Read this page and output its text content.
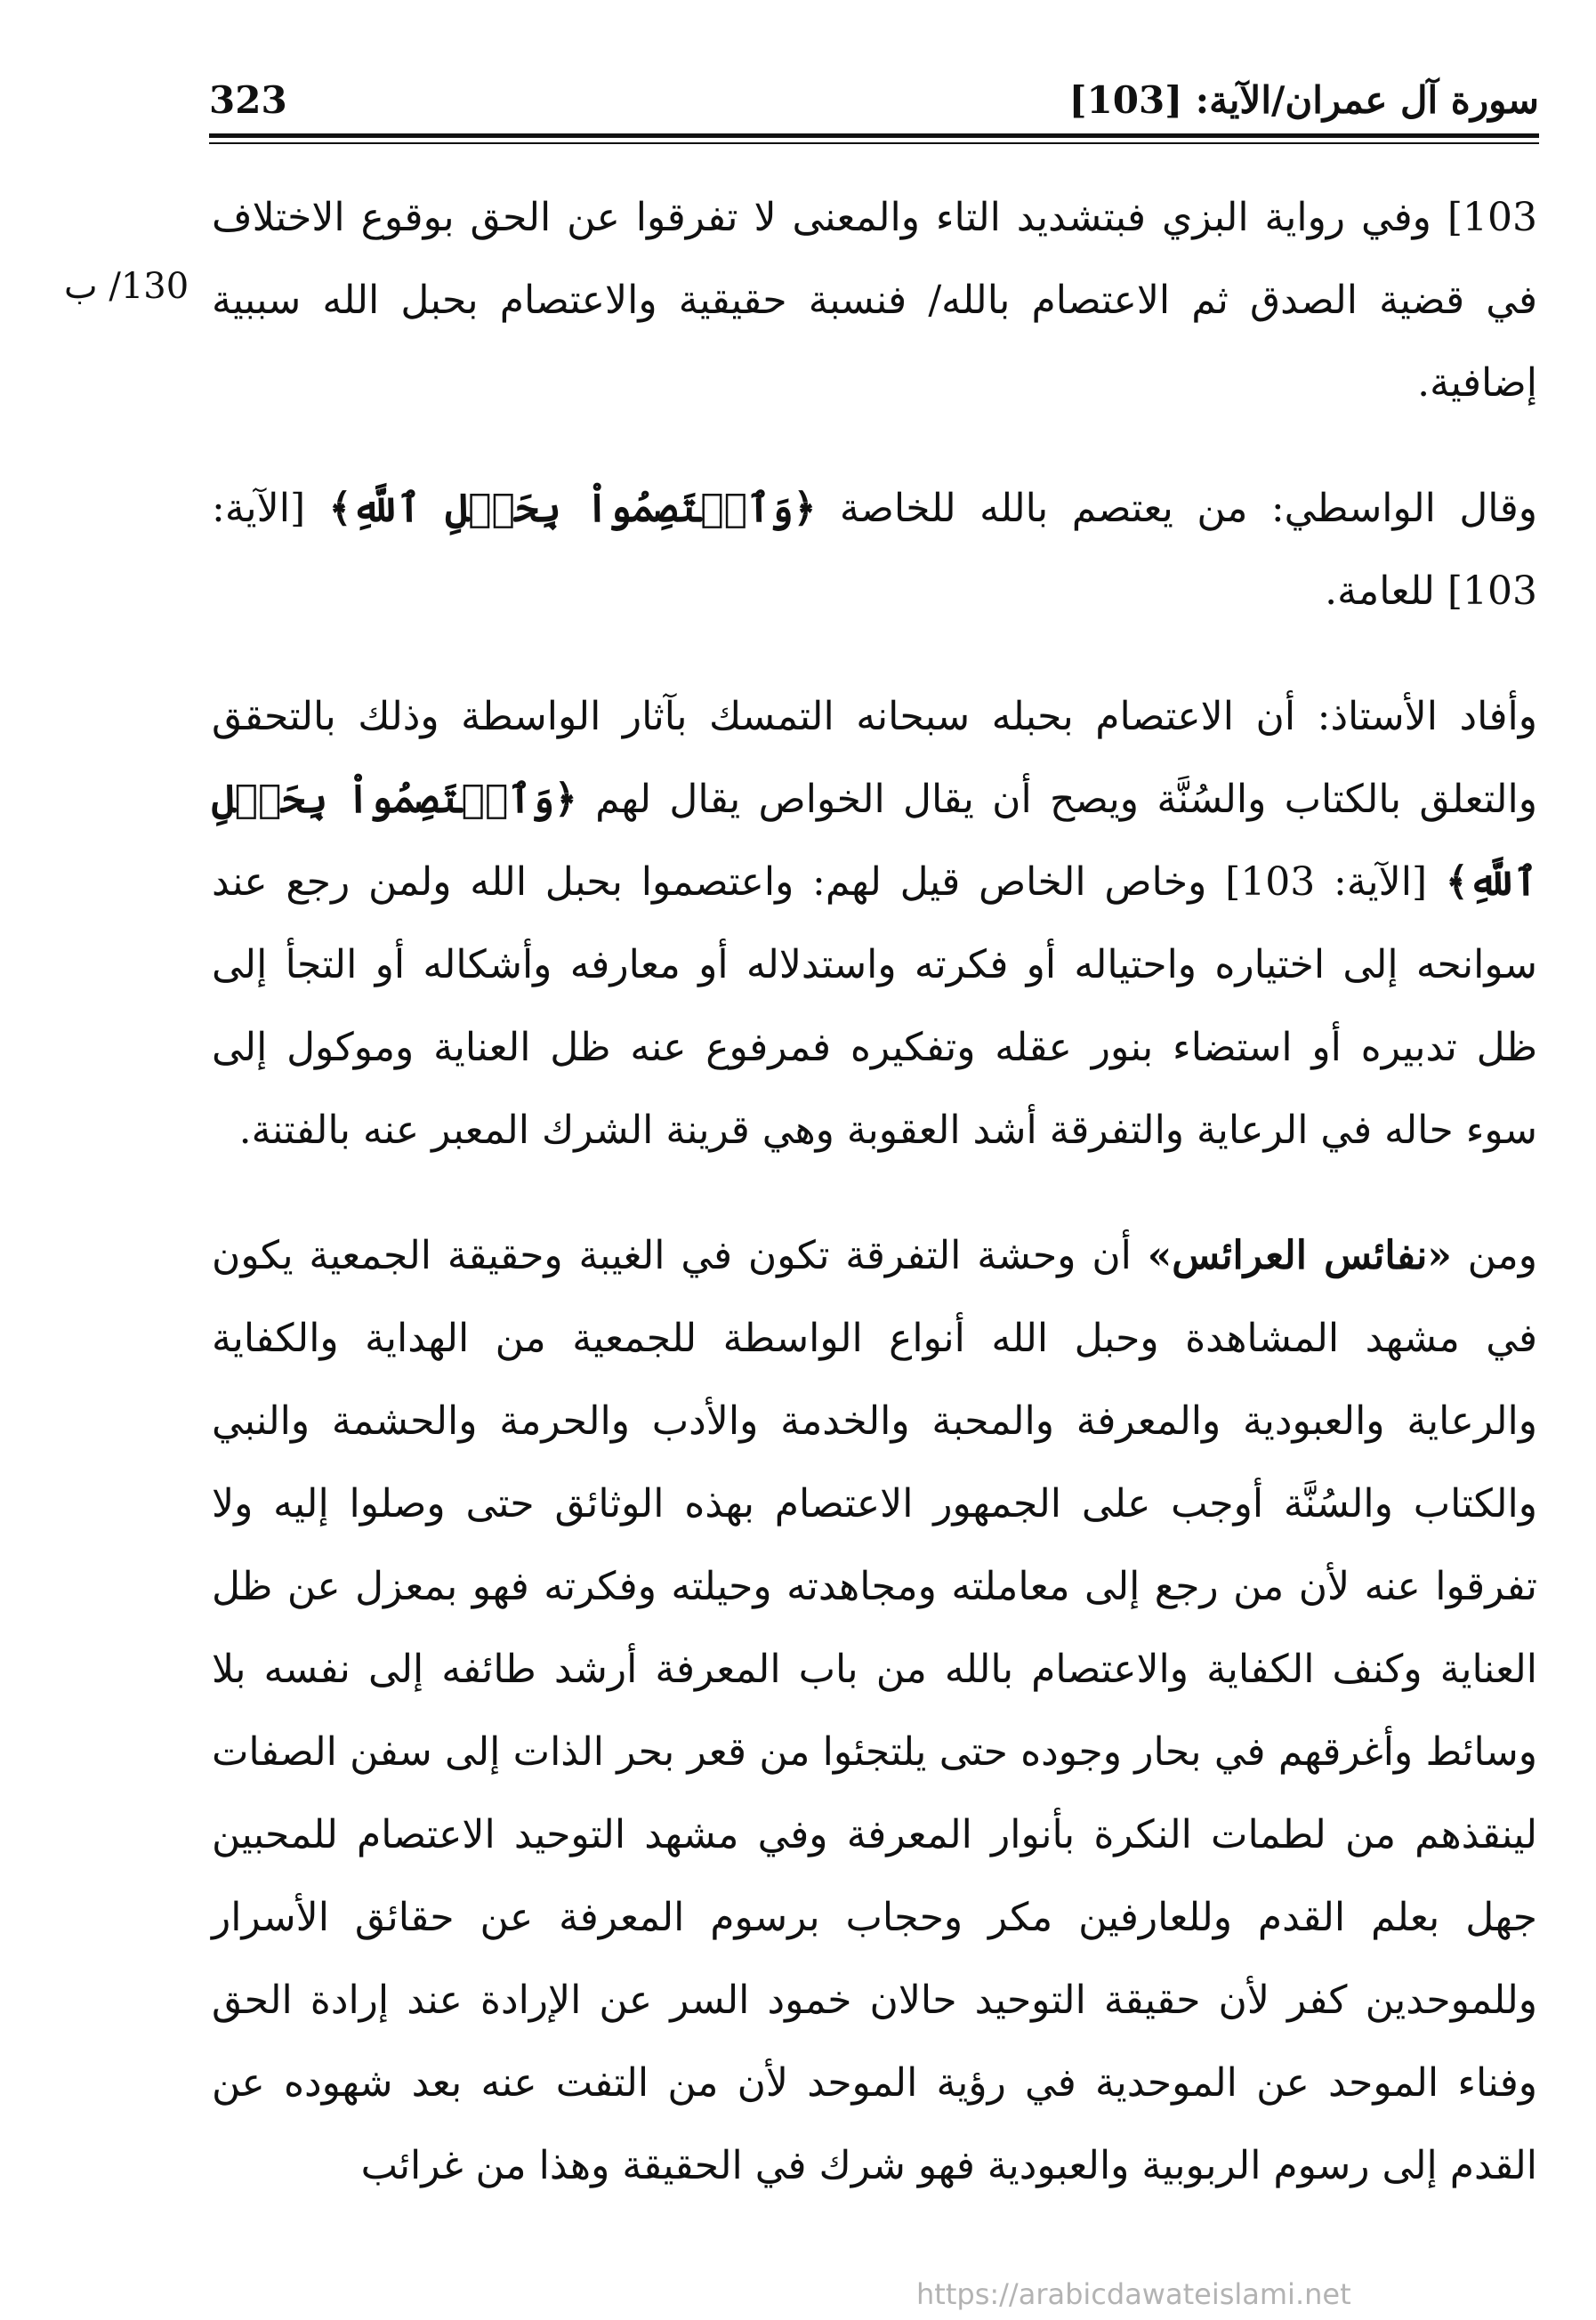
سورة آل عمران/الآية: [103]
323
130/ ب

103] وفي رواية البزي فبتشديد التاء والمعنى لا تفرقوا عن الحق بوقوع الاختلاف في قضية الصدق ثم الاعتصام بالله/ فنسبة حقيقية والاعتصام بحبل الله سببية إضافية.

وقال الواسطي: من يعتصم بالله للخاصة ﴿وَٱعۡتَصِمُواْ بِحَبۡلِ ٱللَّهِ﴾ [الآية: 103] للعامة.

وأفاد الأستاذ: أن الاعتصام بحبله سبحانه التمسك بآثار الواسطة وذلك بالتحقق والتعلق بالكتاب والسُنَّة ويصح أن يقال الخواص يقال لهم ﴿وَٱعۡتَصِمُواْ بِحَبۡلِ ٱللَّهِ﴾ [الآية: 103] وخاص الخاص قيل لهم: واعتصموا بحبل الله ولمن رجع عند سوانحه إلى اختياره واحتياله أو فكرته واستدلاله أو معارفه وأشكاله أو التجأ إلى ظل تدبيره أو استضاء بنور عقله وتفكيره فمرفوع عنه ظل العناية وموكول إلى سوء حاله في الرعاية والتفرقة أشد العقوبة وهي قرينة الشرك المعبر عنه بالفتنة.

ومن «نفائس العرائس» أن وحشة التفرقة تكون في الغيبة وحقيقة الجمعية يكون في مشهد المشاهدة وحبل الله أنواع الواسطة للجمعية من الهداية والكفاية والرعاية والعبودية والمعرفة والمحبة والخدمة والأدب والحرمة والحشمة والنبي والكتاب والسُنَّة أوجب على الجمهور الاعتصام بهذه الوثائق حتى وصلوا إليه ولا تفرقوا عنه لأن من رجع إلى معاملته ومجاهدته وحيلته وفكرته فهو بمعزل عن ظل العناية وكنف الكفاية والاعتصام بالله من باب المعرفة أرشد طائفه إلى نفسه بلا وسائط وأغرقهم في بحار وجوده حتى يلتجئوا من قعر بحر الذات إلى سفن الصفات لينقذهم من لطمات النكرة بأنوار المعرفة وفي مشهد التوحيد الاعتصام للمحبين جهل بعلم القدم وللعارفين مكر وحجاب برسوم المعرفة عن حقائق الأسرار وللموحدين كفر لأن حقيقة التوحيد حالان خمود السر عن الإرادة عند إرادة الحق وفناء الموحد عن الموحدية في رؤية الموحد لأن من التفت عنه بعد شهوده عن القدم إلى رسوم الربوبية والعبودية فهو شرك في الحقيقة وهذا من غرائب

https://arabicdawateislami.net
